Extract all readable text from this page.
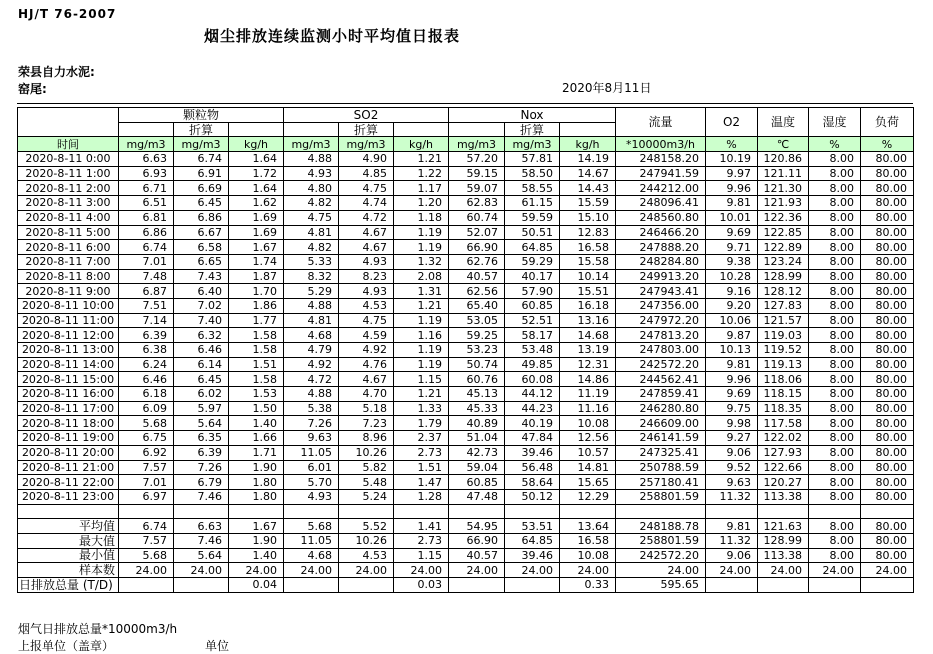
HJ/T 76-2007
烟尘排放连续监测小时平均值日报表
荣县自力水泥:
窑尾:	2020年8月11日
	颗粒物			SO2			Nox			流量	O2	温度	湿度	负荷
		折算			折算			折算						
时间	mg/m3	mg/m3	kg/h	mg/m3	mg/m3	kg/h	mg/m3	mg/m3	kg/h	*10000m3/h	%	℃	%	%
2020-8-11 0:00	6.63	6.74	1.64	4.88	4.90	1.21	57.20	57.81	14.19	248158.20	10.19	120.86	8.00	80.00
2020-8-11 1:00	6.93	6.91	1.72	4.93	4.85	1.22	59.15	58.50	14.67	247941.59	9.97	121.11	8.00	80.00
2020-8-11 2:00	6.71	6.69	1.64	4.80	4.75	1.17	59.07	58.55	14.43	244212.00	9.96	121.30	8.00	80.00
2020-8-11 3:00	6.51	6.45	1.62	4.82	4.74	1.20	62.83	61.15	15.59	248096.41	9.81	121.93	8.00	80.00
2020-8-11 4:00	6.81	6.86	1.69	4.75	4.72	1.18	60.74	59.59	15.10	248560.80	10.01	122.36	8.00	80.00
2020-8-11 5:00	6.86	6.67	1.69	4.81	4.67	1.19	52.07	50.51	12.83	246466.20	9.69	122.85	8.00	80.00
2020-8-11 6:00	6.74	6.58	1.67	4.82	4.67	1.19	66.90	64.85	16.58	247888.20	9.71	122.89	8.00	80.00
2020-8-11 7:00	7.01	6.65	1.74	5.33	4.93	1.32	62.76	59.29	15.58	248284.80	9.38	123.24	8.00	80.00
2020-8-11 8:00	7.48	7.43	1.87	8.32	8.23	2.08	40.57	40.17	10.14	249913.20	10.28	128.99	8.00	80.00
2020-8-11 9:00	6.87	6.40	1.70	5.29	4.93	1.31	62.56	57.90	15.51	247943.41	9.16	128.12	8.00	80.00
2020-8-11 10:00	7.51	7.02	1.86	4.88	4.53	1.21	65.40	60.85	16.18	247356.00	9.20	127.83	8.00	80.00
2020-8-11 11:00	7.14	7.40	1.77	4.81	4.75	1.19	53.05	52.51	13.16	247972.20	10.06	121.57	8.00	80.00
2020-8-11 12:00	6.39	6.32	1.58	4.68	4.59	1.16	59.25	58.17	14.68	247813.20	9.87	119.03	8.00	80.00
2020-8-11 13:00	6.38	6.46	1.58	4.79	4.92	1.19	53.23	53.48	13.19	247803.00	10.13	119.52	8.00	80.00
2020-8-11 14:00	6.24	6.14	1.51	4.92	4.76	1.19	50.74	49.85	12.31	242572.20	9.81	119.13	8.00	80.00
2020-8-11 15:00	6.46	6.45	1.58	4.72	4.67	1.15	60.76	60.08	14.86	244562.41	9.96	118.06	8.00	80.00
2020-8-11 16:00	6.18	6.02	1.53	4.88	4.70	1.21	45.13	44.12	11.19	247859.41	9.69	118.15	8.00	80.00
2020-8-11 17:00	6.09	5.97	1.50	5.38	5.18	1.33	45.33	44.23	11.16	246280.80	9.75	118.35	8.00	80.00
2020-8-11 18:00	5.68	5.64	1.40	7.26	7.23	1.79	40.89	40.19	10.08	246609.00	9.98	117.58	8.00	80.00
2020-8-11 19:00	6.75	6.35	1.66	9.63	8.96	2.37	51.04	47.84	12.56	246141.59	9.27	122.02	8.00	80.00
2020-8-11 20:00	6.92	6.39	1.71	11.05	10.26	2.73	42.73	39.46	10.57	247325.41	9.06	127.93	8.00	80.00
2020-8-11 21:00	7.57	7.26	1.90	6.01	5.82	1.51	59.04	56.48	14.81	250788.59	9.52	122.66	8.00	80.00
2020-8-11 22:00	7.01	6.79	1.80	5.70	5.48	1.47	60.85	58.64	15.65	257180.41	9.63	120.27	8.00	80.00
2020-8-11 23:00	6.97	7.46	1.80	4.93	5.24	1.28	47.48	50.12	12.29	258801.59	11.32	113.38	8.00	80.00

平均值	6.74	6.63	1.67	5.68	5.52	1.41	54.95	53.51	13.64	248188.78	9.81	121.63	8.00	80.00
最大值	7.57	7.46	1.90	11.05	10.26	2.73	66.90	64.85	16.58	258801.59	11.32	128.99	8.00	80.00
最小值	5.68	5.64	1.40	4.68	4.53	1.15	40.57	39.46	10.08	242572.20	9.06	113.38	8.00	80.00
样本数	24.00	24.00	24.00	24.00	24.00	24.00	24.00	24.00	24.00	24.00	24.00	24.00	24.00	24.00
日排放总量 (T/D)			0.04			0.03			0.33	595.65				
烟气日排放总量*10000m3/h
上报单位（盖章）	单位
